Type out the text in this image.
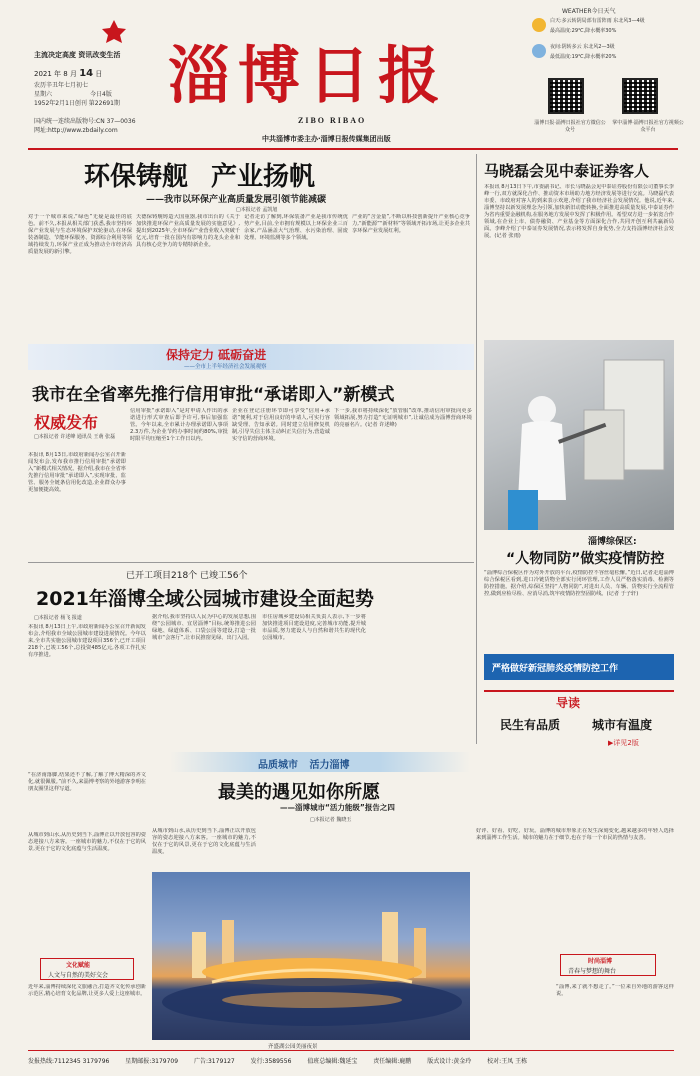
主流决定高度 资讯改变生活
2021 年 8 月 14 日
农历辛丑年七月初七
星期六	今日4版
1952年2月1日创刊 第22691期
国内统一连续出版物号:CN 37—0036
网址:http://www.zbdaily.com
淄博日报
ZIBO RIBAO
中共淄博市委主办·淄博日报传媒集团出版
WEATHER今日天气
白天:多云转阴局部有雷阵雨 东北风3—4级
最高温度:29℃,降水概率30%
夜间:阴转多云 东北风2—3级
最低温度:19℃,降水概率20%
淄博日报·淄博日报社官方微信公众号
掌中淄博·淄博日报社官方视频公众平台
环保铸舰 产业扬帆
——我市以环保产业高质量发展引领节能减碳
□本报记者 孟凯旭
对于一个城市来说,“绿色”无疑是最佳的底色。前不久,本报从相关部门获悉,我市坚持环保产业发展与生态环境保护双轮驱动,在环保装备制造、节能环保服务、资源综合利用等领域持续发力,环保产业正成为推动全市经济高质量发展的新引擎。
天德保铸舰铸造大国重器,我市出台的《关于加快推进环保产业高质量发展的实施意见》,提出到2025年,全市环保产业营业收入突破千亿元,培育一批在国内有影响力的龙头企业和具有核心竞争力的专精特新企业。
记者走访了解到,环保装备产业是我市传统优势产业,目前,全市拥有规模以上环保企业三百余家,产品涵盖大气治理、水污染治理、固废处理、环境监测等多个领域。
产业的“含金量”,不断以科技创新提升产业核心竞争力,“新能源”“新材料”等领域开拓市场,让更多企业共享环保产业发展红利。
马晓磊会见中泰证券客人
本报讯 8月13日下午,市委副书记、市长马晓磊会见中泰证券股份有限公司董事长李峰一行,双方就深化合作、推动资本市场助力地方经济发展等进行交流。马晓磊代表市委、市政府对客人的到来表示欢迎,介绍了我市经济社会发展情况。他说,近年来,淄博坚持以新发展理念为引领,加快新旧动能转换,全面推进高质量发展,中泰证券作为省内重要金融机构,在服务地方发展中发挥了积极作用。希望双方进一步拓宽合作领域,在企业上市、债券融资、产业基金等方面深化合作,共同开创互利共赢新局面。李峰介绍了中泰证券发展情况,表示将发挥自身优势,全力支持淄博经济社会发展。(记者 张雨)
保持定力 砥砺奋进
——全市上半年经济社会发展观察
我市在全省率先推行信用审批“承诺即入”新模式
权威发布
□本报记者 许述峰 通讯员 王萌 张磊
本报讯 8月13日,市政府新闻办公室召开新闻发布会,发布我市推行信用审批“承诺即入”新模式相关情况。据介绍,我市在全省率先推行信用审批“承诺即入”,实现审批、监管、服务全链条信用化改造,企业群众办事更加便捷高效。
信用审批“承诺即入”是对申请人作出的承诺进行形式审查后即予许可,事后加强监管。今年以来,全市累计办理承诺即入事项2.3万件,为企业节约办事时间约80%,审批时限平均压缩至1个工作日以内。
企业在登记注册环节即可享受“信用+承诺”便利,对于信用良好的申请人,可实行容缺受理、告知承诺。同时建立信用修复机制,引导失信主体主动纠正失信行为,营造诚实守信的营商环境。
下一步,我市将持续深化“放管服”改革,推动信用审批向更多领域拓展,努力打造“无证明城市”,让诚信成为淄博营商环境的亮丽名片。(记者 许述峰)
淄博综保区:
“人物同防”做实疫情防控
“淄博综合保税区作为对外开放的平台,疫情防控不容丝毫松懈。”近日,记者走进淄博综合保税区看到,进口冷链货物全部实行闭环管理,工作人员严格落实消毒、检测等防控措施。据介绍,综保区坚持“人物同防”,对进出人员、车辆、货物实行全流程管控,做到应检尽检、应消尽消,筑牢疫情防控坚固防线。(记者 于子轩)
严格做好新冠肺炎疫情防控工作
已开工项目218个 已竣工56个
2021年淄博全域公园城市建设全面起势
□本报记者 杨飞 报道
本报讯 8月13日上午,市政府新闻办公室召开新闻发布会,介绍我市全域公园城市建设进展情况。今年以来,全市共实施公园城市建设项目356个,已开工项目218个,已竣工56个,总投资485亿元,各项工作扎实有序推进。
据介绍,我市坚持以人民为中心的发展思想,围绕“公园城市、宜居淄博”目标,统筹推进公园绿地、绿道体系、口袋公园等建设,打造一批城市“会客厅”,让市民推窗见绿、出门入园。
市住房城乡建设局相关负责人表示,下一步将加快推进项目建设进度,完善城市功能,提升城市品质,努力建设人与自然和谐共生的现代化公园城市。
导读
民生有品质	城市有温度
▶详见2版
品质城市 活力淄博
最美的遇见如你所愿
——淄博城市“活力能级”报告之四
□本报记者 魏晓玉
“在济南落脚,结果还不了解,了解了博大精深的齐文化,就很佩服。”前不久,来淄博考察的外地游客李明在朋友圈里这样写道。
从城市到山水,从历史到当下,淄博正以开放包容的姿态迎接八方来客。一座城市的魅力,不仅在于它的风景,更在于它的文化底蕴与生活温度。
文化赋能
人文与自然的美好交会
近年来,淄博持续深化文旅融合,打造齐文化传承创新示范区,精心培育文化品牌,让更多人爱上这座城市。
从城市到山水,从历史到当下,淄博正以开放包容的姿态迎接八方来客。一座城市的魅力,不仅在于它的风景,更在于它的文化底蕴与生活温度。
齐盛湖公园美丽夜景
好评、好看、好吃、好玩。淄博的城市形象正在发生深刻变化,越来越多的年轻人选择来到淄博工作生活。城市的魅力在于细节,也在于每一个市民的热情与友善。
时尚淄博
青春与梦想的舞台
“淄博,来了就不想走了。”一位来自外地的游客这样说。
发报热线:7112345 3179796	星期邮报:3179709	广告:3179127	发行:3589556	值班总编辑:魏延宝	责任编辑:鹿鹏	版式设计:黄金玲	校对:王凤 王栋
